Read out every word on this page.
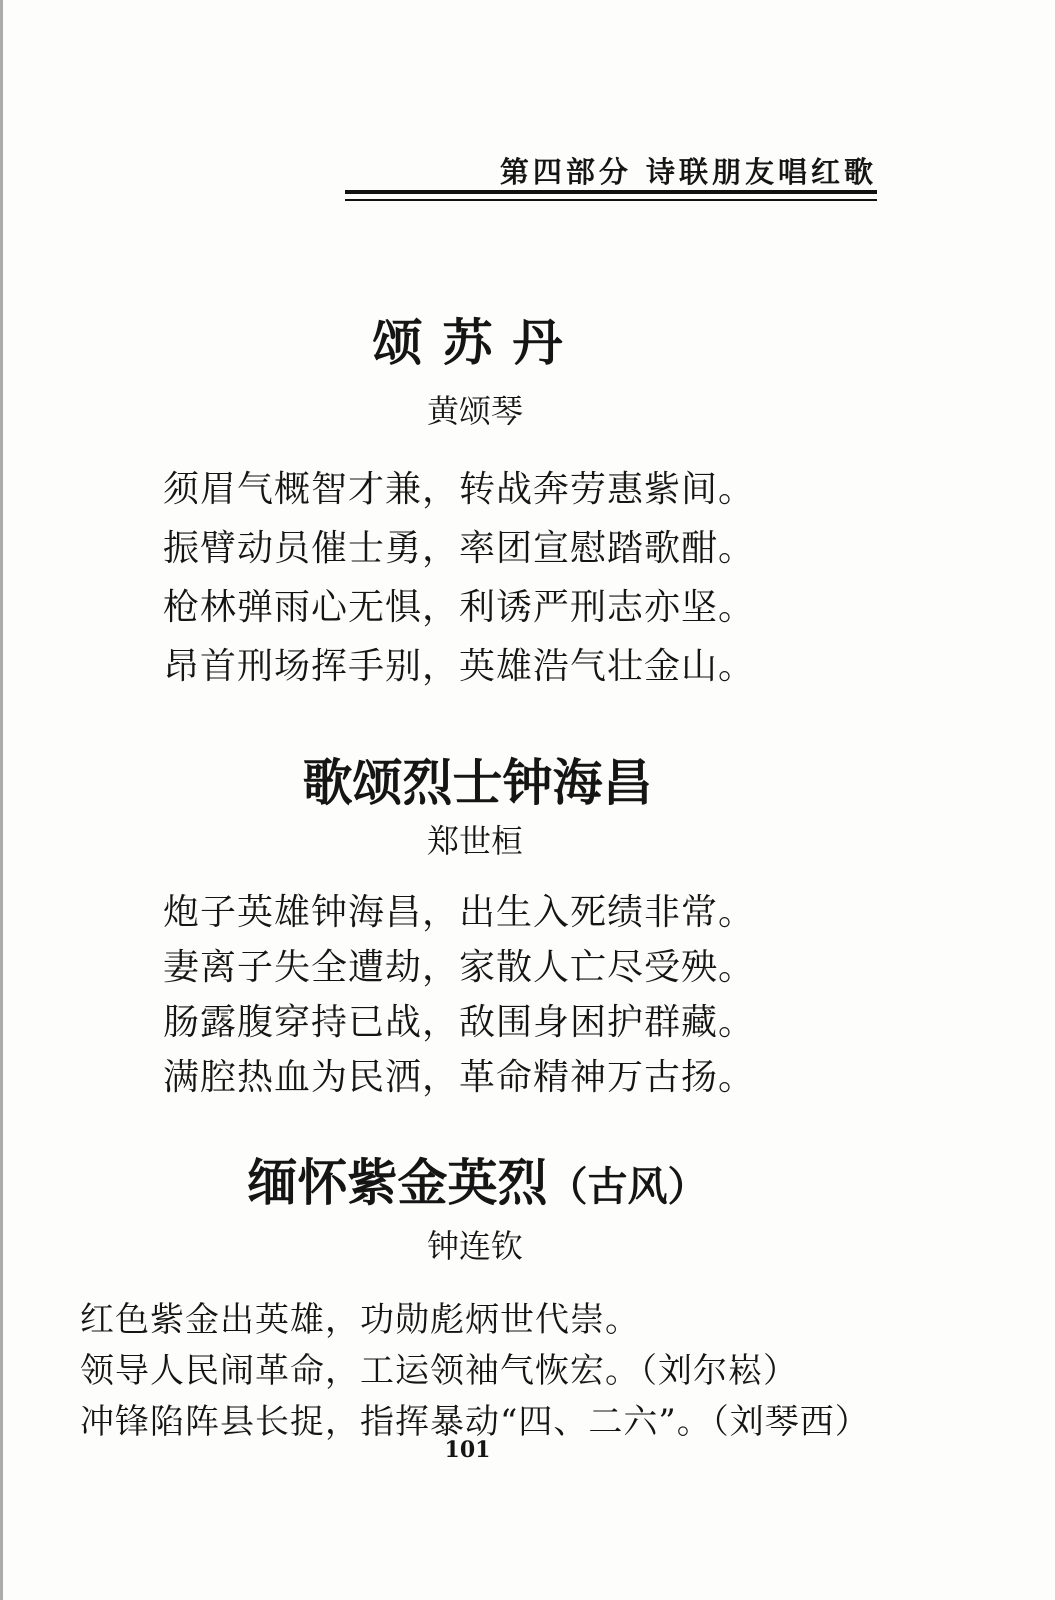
第四部分 诗联朋友唱红歌
颂苏丹
黄颂琴
须眉气概智才兼，转战奔劳惠紫间。
振臂动员催士勇，率团宣慰踏歌酣。
枪林弹雨心无惧，利诱严刑志亦坚。
昂首刑场挥手别，英雄浩气壮金山。
歌颂烈士钟海昌
郑世桓
炮子英雄钟海昌，出生入死绩非常。
妻离子失全遭劫，家散人亡尽受殃。
肠露腹穿持已战，敌围身困护群藏。
满腔热血为民洒，革命精神万古扬。
缅怀紫金英烈（古风）
钟连钦
红色紫金出英雄，功勋彪炳世代崇。
领导人民闹革命，工运领袖气恢宏。（刘尔崧）
冲锋陷阵县长捉，指挥暴动“四、二六”。（刘琴西）
101
